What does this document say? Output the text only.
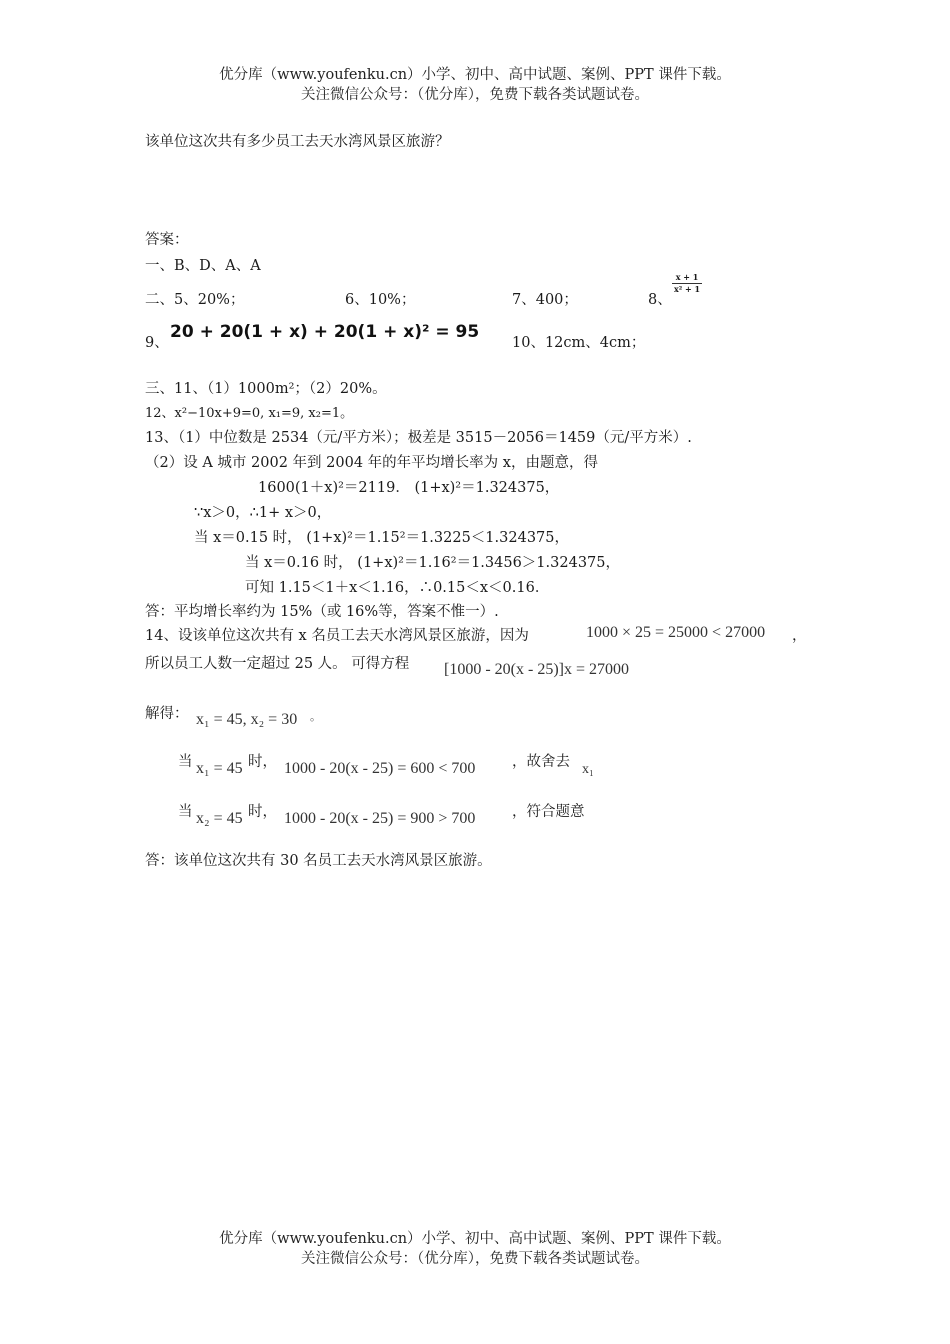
优分库（www.youfenku.cn）小学、初中、高中试题、案例、PPT 课件下载。
关注微信公众号：（优分库），免费下载各类试题试卷。
该单位这次共有多少员工去天水湾风景区旅游？
答案：
一、B、D、A、A
二、5、20%；	6、10%；	7、400；	8、
x + 1
x² + 1
9、
20 + 20(1 + x) + 20(1 + x)² = 95
10、12cm、4cm；
三、11、（1）1000m²；（2）20%。
12、x²−10x+9=0, x₁=9, x₂=1。
13、（1）中位数是 2534（元/平方米）；极差是 3515－2056＝1459（元/平方米）.
（2）设 A 城市 2002 年到 2004 年的年平均增长率为 x，由题意，得
1600(1＋x)²＝2119． (1+x)²＝1.324375，
∵x＞0，∴1+ x＞0，
当 x＝0.15 时， (1+x)²＝1.15²＝1.3225＜1.324375，
当 x＝0.16 时， (1+x)²＝1.16²＝1.3456＞1.324375，
可知 1.15＜1＋x＜1.16，∴0.15＜x＜0.16．
答：平均增长率约为 15%（或 16%等，答案不惟一）.
14、设该单位这次共有 x 名员工去天水湾风景区旅游，因为	1000 × 25 = 25000 < 27000 ，
所以员工人数一定超过 25 人。 可得方程 [1000 - 20(x - 25)]x = 27000
解得： x₁ = 45, x₂ = 30 。
当 x₁ = 45 时， 1000 - 20(x - 25) = 600 < 700	，故舍去 x₁
当 x₂ = 45 时， 1000 - 20(x - 25) = 900 > 700	，符合题意
答：该单位这次共有 30 名员工去天水湾风景区旅游。
优分库（www.youfenku.cn）小学、初中、高中试题、案例、PPT 课件下载。
关注微信公众号：（优分库），免费下载各类试题试卷。
